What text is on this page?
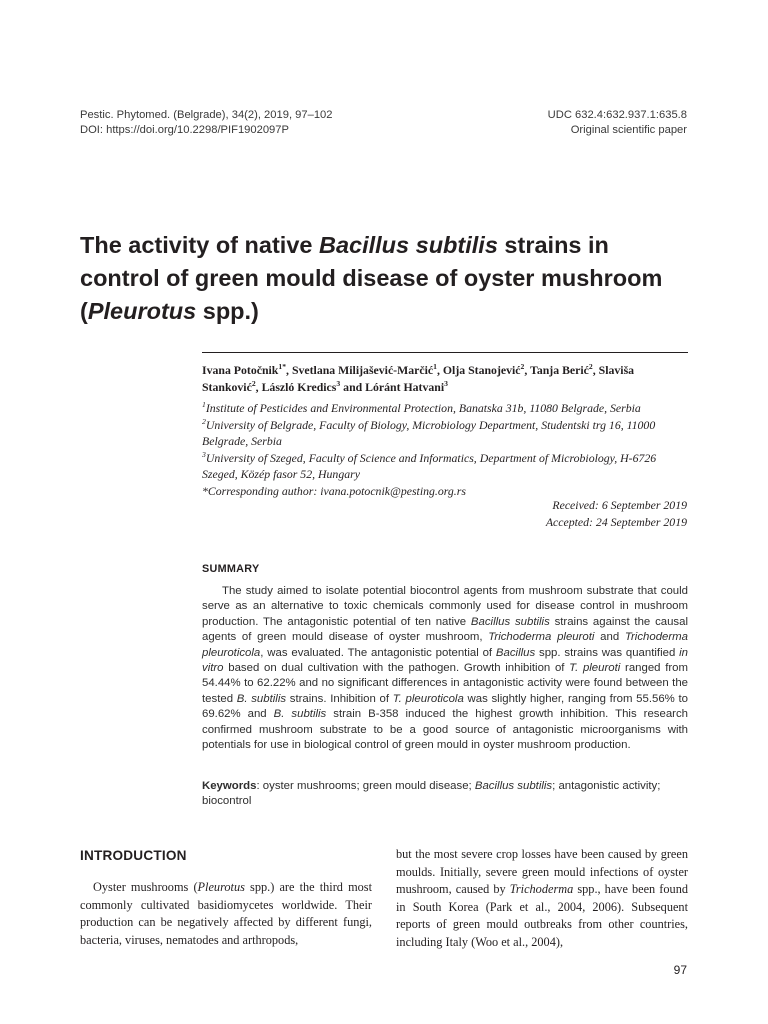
Pestic. Phytomed. (Belgrade), 34(2), 2019, 97–102
DOI: https://doi.org/10.2298/PIF1902097P
UDC 632.4:632.937.1:635.8
Original scientific paper
The activity of native Bacillus subtilis strains in control of green mould disease of oyster mushroom (Pleurotus spp.)
Ivana Potočnik$^{1*}$, Svetlana Milijašević-Marčić$^1$, Olja Stanojević$^2$, Tanja Berić$^2$, Slaviša Stanković$^2$, László Kredics$^3$ and Lóránt Hatvani$^3$
$^1$Institute of Pesticides and Environmental Protection, Banatska 31b, 11080 Belgrade, Serbia
$^2$University of Belgrade, Faculty of Biology, Microbiology Department, Studentski trg 16, 11000 Belgrade, Serbia
$^3$University of Szeged, Faculty of Science and Informatics, Department of Microbiology, H-6726 Szeged, Közép fasor 52, Hungary
*Corresponding author: ivana.potocnik@pesting.org.rs
Received: 6 September 2019
Accepted: 24 September 2019
SUMMARY

The study aimed to isolate potential biocontrol agents from mushroom substrate that could serve as an alternative to toxic chemicals commonly used for disease control in mushroom production. The antagonistic potential of ten native Bacillus subtilis strains against the causal agents of green mould disease of oyster mushroom, Trichoderma pleuroti and Trichoderma pleuroticola, was evaluated. The antagonistic potential of Bacillus spp. strains was quantified in vitro based on dual cultivation with the pathogen. Growth inhibition of T. pleuroti ranged from 54.44% to 62.22% and no significant differences in antagonistic activity were found between the tested B. subtilis strains. Inhibition of T. pleuroticola was slightly higher, ranging from 55.56% to 69.62% and B. subtilis strain B-358 induced the highest growth inhibition. This research confirmed mushroom substrate to be a good source of antagonistic microorganisms with potentials for use in biological control of green mould in oyster mushroom production.

Keywords: oyster mushrooms; green mould disease; Bacillus subtilis; antagonistic activity; biocontrol
INTRODUCTION

Oyster mushrooms (Pleurotus spp.) are the third most commonly cultivated basidiomycetes worldwide. Their production can be negatively affected by different fungi, bacteria, viruses, nematodes and arthropods,

but the most severe crop losses have been caused by green moulds. Initially, severe green mould infections of oyster mushroom, caused by Trichoderma spp., have been found in South Korea (Park et al., 2004, 2006). Subsequent reports of green mould outbreaks from other countries, including Italy (Woo et al., 2004),

97
